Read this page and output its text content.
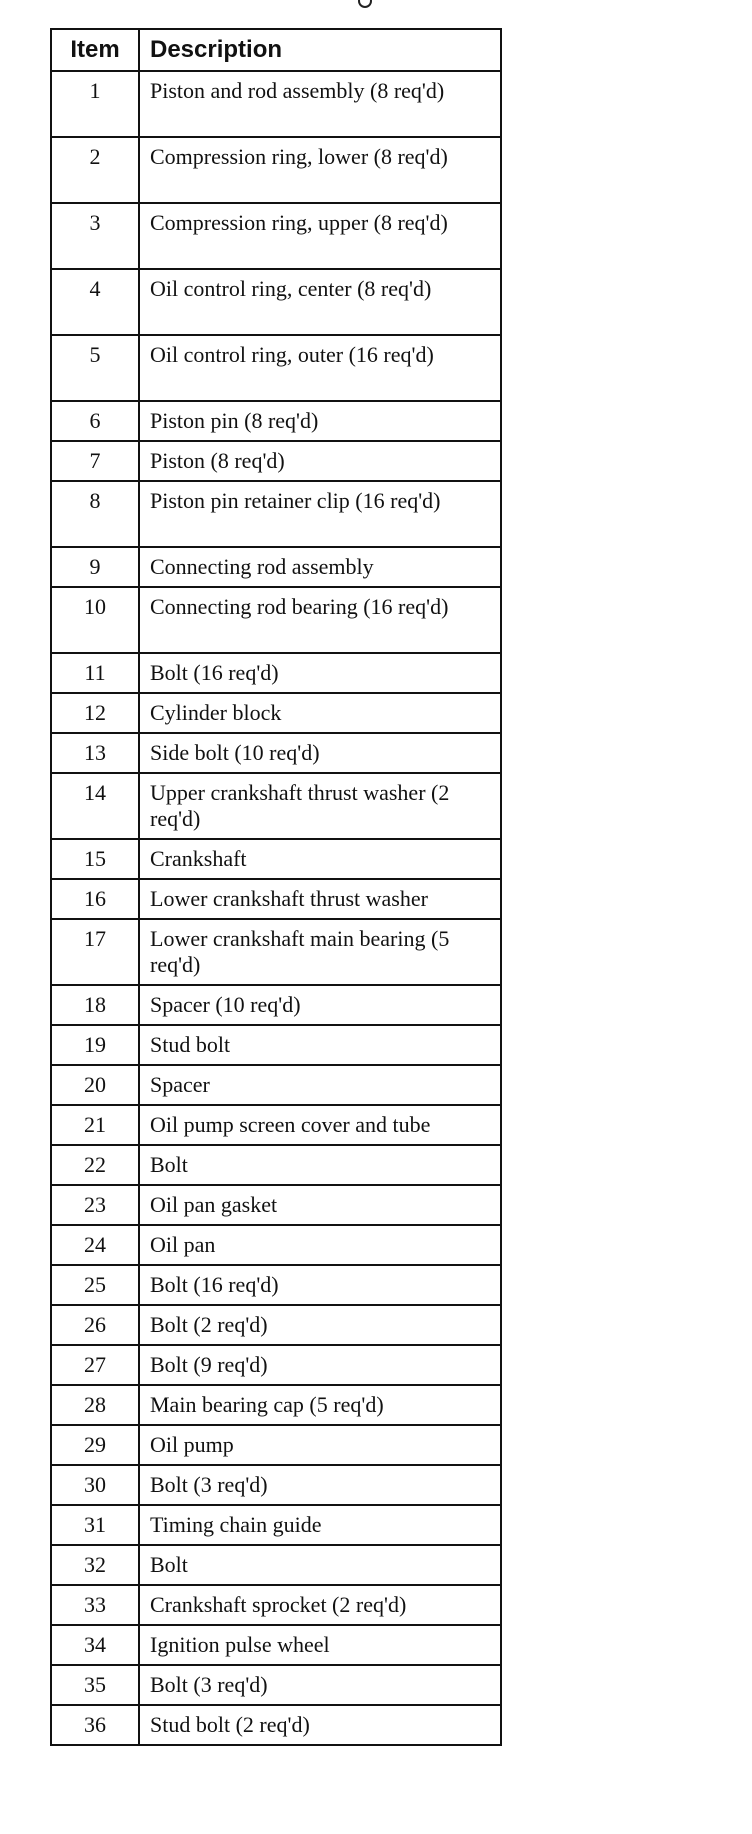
Item	Description
1	Piston and rod assembly (8 req'd)
2	Compression ring, lower (8 req'd)
3	Compression ring, upper (8 req'd)
4	Oil control ring, center (8 req'd)
5	Oil control ring, outer (16 req'd)
6	Piston pin (8 req'd)
7	Piston (8 req'd)
8	Piston pin retainer clip (16 req'd)
9	Connecting rod assembly
10	Connecting rod bearing (16 req'd)
11	Bolt (16 req'd)
12	Cylinder block
13	Side bolt (10 req'd)
14	Upper crankshaft thrust washer (2 req'd)
15	Crankshaft
16	Lower crankshaft thrust washer
17	Lower crankshaft main bearing (5 req'd)
18	Spacer (10 req'd)
19	Stud bolt
20	Spacer
21	Oil pump screen cover and tube
22	Bolt
23	Oil pan gasket
24	Oil pan
25	Bolt (16 req'd)
26	Bolt (2 req'd)
27	Bolt (9 req'd)
28	Main bearing cap (5 req'd)
29	Oil pump
30	Bolt (3 req'd)
31	Timing chain guide
32	Bolt
33	Crankshaft sprocket (2 req'd)
34	Ignition pulse wheel
35	Bolt (3 req'd)
36	Stud bolt (2 req'd)
